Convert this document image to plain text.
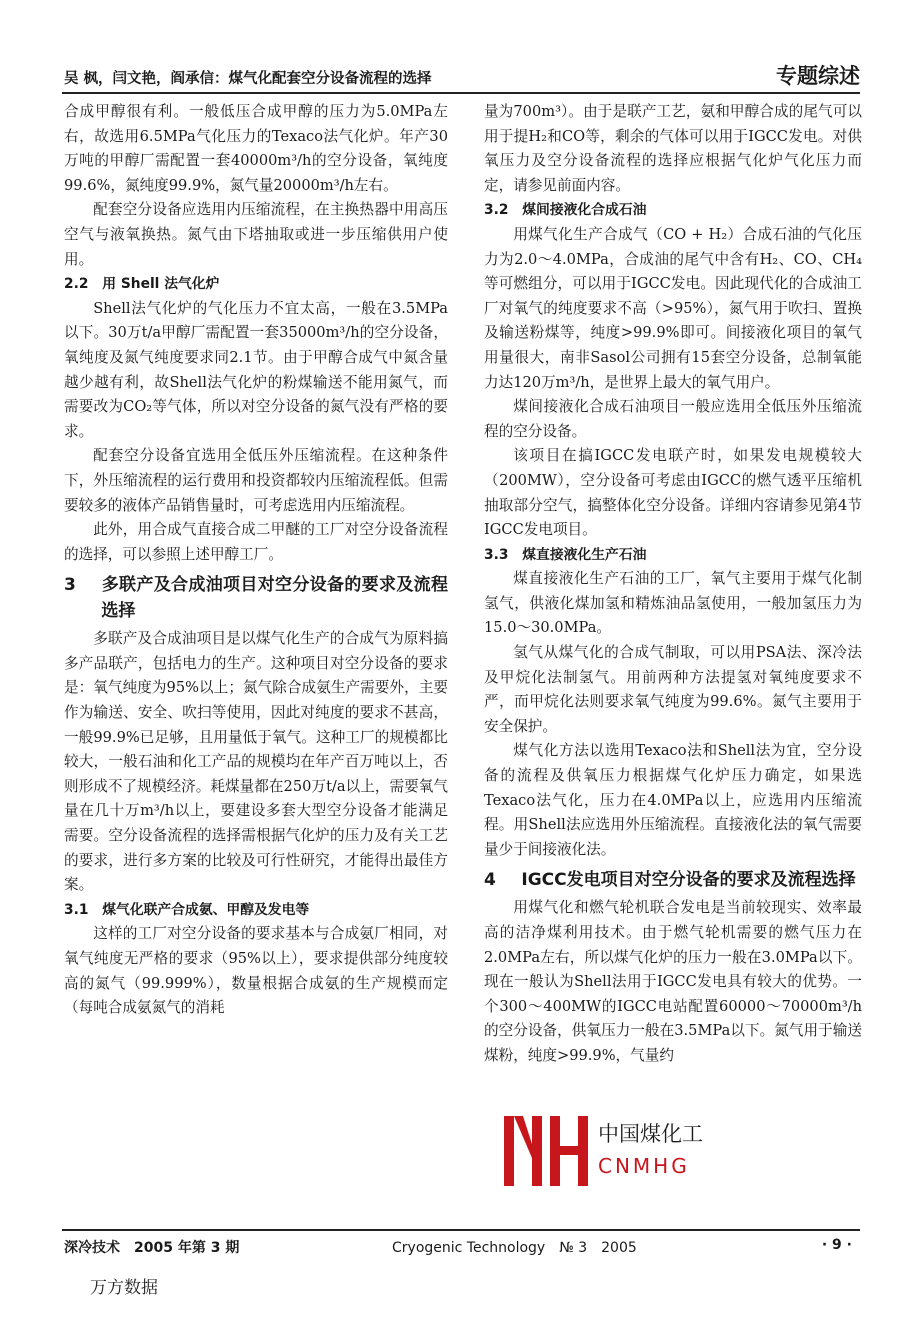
吴 枫，闫文艳，阎承信：煤气化配套空分设备流程的选择	专题综述

合成甲醇很有利。一般低压合成甲醇的压力为5.0MPa左右，故选用6.5MPa气化压力的Texaco法气化炉。年产30万吨的甲醇厂需配置一套40000m³/h的空分设备，氧纯度99.6%，氮纯度99.9%，氮气量20000m³/h左右。

配套空分设备应选用内压缩流程，在主换热器中用高压空气与液氧换热。氮气由下塔抽取或进一步压缩供用户使用。

2.2　用 Shell 法气化炉

Shell法气化炉的气化压力不宜太高，一般在3.5MPa以下。30万t/a甲醇厂需配置一套35000m³/h的空分设备，氧纯度及氮气纯度要求同2.1节。由于甲醇合成气中氮含量越少越有利，故Shell法气化炉的粉煤输送不能用氮气，而需要改为CO₂等气体，所以对空分设备的氮气没有严格的要求。

配套空分设备宜选用全低压外压缩流程。在这种条件下，外压缩流程的运行费用和投资都较内压缩流程低。但需要较多的液体产品销售量时，可考虑选用内压缩流程。

此外，用合成气直接合成二甲醚的工厂对空分设备流程的选择，可以参照上述甲醇工厂。

3 多联产及合成油项目对空分设备的要求及流程选择

多联产及合成油项目是以煤气化生产的合成气为原料搞多产品联产，包括电力的生产。这种项目对空分设备的要求是：氧气纯度为95%以上；氮气除合成氨生产需要外，主要作为输送、安全、吹扫等使用，因此对纯度的要求不甚高，一般99.9%已足够，且用量低于氧气。这种工厂的规模都比较大，一般石油和化工产品的规模均在年产百万吨以上，否则形成不了规模经济。耗煤量都在250万t/a以上，需要氧气量在几十万m³/h以上，要建设多套大型空分设备才能满足需要。空分设备流程的选择需根据气化炉的压力及有关工艺的要求，进行多方案的比较及可行性研究，才能得出最佳方案。

3.1　煤气化联产合成氨、甲醇及发电等

这样的工厂对空分设备的要求基本与合成氨厂相同，对氧气纯度无严格的要求（95%以上），要求提供部分纯度较高的氮气（99.999%），数量根据合成氨的生产规模而定（每吨合成氨氮气的消耗

量为700m³）。由于是联产工艺，氨和甲醇合成的尾气可以用于提H₂和CO等，剩余的气体可以用于IGCC发电。对供氧压力及空分设备流程的选择应根据气化炉气化压力而定，请参见前面内容。

3.2　煤间接液化合成石油

用煤气化生产合成气（CO + H₂）合成石油的气化压力为2.0～4.0MPa，合成油的尾气中含有H₂、CO、CH₄等可燃组分，可以用于IGCC发电。因此现代化的合成油工厂对氧气的纯度要求不高（>95%），氮气用于吹扫、置换及输送粉煤等，纯度>99.9%即可。间接液化项目的氧气用量很大，南非Sasol公司拥有15套空分设备，总制氧能力达120万m³/h，是世界上最大的氧气用户。

煤间接液化合成石油项目一般应选用全低压外压缩流程的空分设备。

该项目在搞IGCC发电联产时，如果发电规模较大（200MW），空分设备可考虑由IGCC的燃气透平压缩机抽取部分空气，搞整体化空分设备。详细内容请参见第4节IGCC发电项目。

3.3　煤直接液化生产石油

煤直接液化生产石油的工厂，氧气主要用于煤气化制氢气，供液化煤加氢和精炼油品氢使用，一般加氢压力为15.0～30.0MPa。

氢气从煤气化的合成气制取，可以用PSA法、深冷法及甲烷化法制氢气。用前两种方法提氢对氧纯度要求不严，而甲烷化法则要求氧气纯度为99.6%。氮气主要用于安全保护。

煤气化方法以选用Texaco法和Shell法为宜，空分设备的流程及供氧压力根据煤气化炉压力确定，如果选Texaco法气化，压力在4.0MPa以上，应选用内压缩流程。用Shell法应选用外压缩流程。直接液化法的氧气需要量少于间接液化法。

4 IGCC发电项目对空分设备的要求及流程选择

用煤气化和燃气轮机联合发电是当前较现实、效率最高的洁净煤利用技术。由于燃气轮机需要的燃气压力在2.0MPa左右，所以煤气化炉的压力一般在3.0MPa以下。现在一般认为Shell法用于IGCC发电具有较大的优势。一个300～400MW的IGCC电站配置60000～70000m³/h的空分设备，供氧压力一般在3.5MPa以下。氮气用于输送煤粉，纯度>99.9%，气量约

中国煤化工
CNMHG
深冷技术　2005 年第 3 期	Cryogenic Technology　№ 3　2005	· 9 ·
万方数据
